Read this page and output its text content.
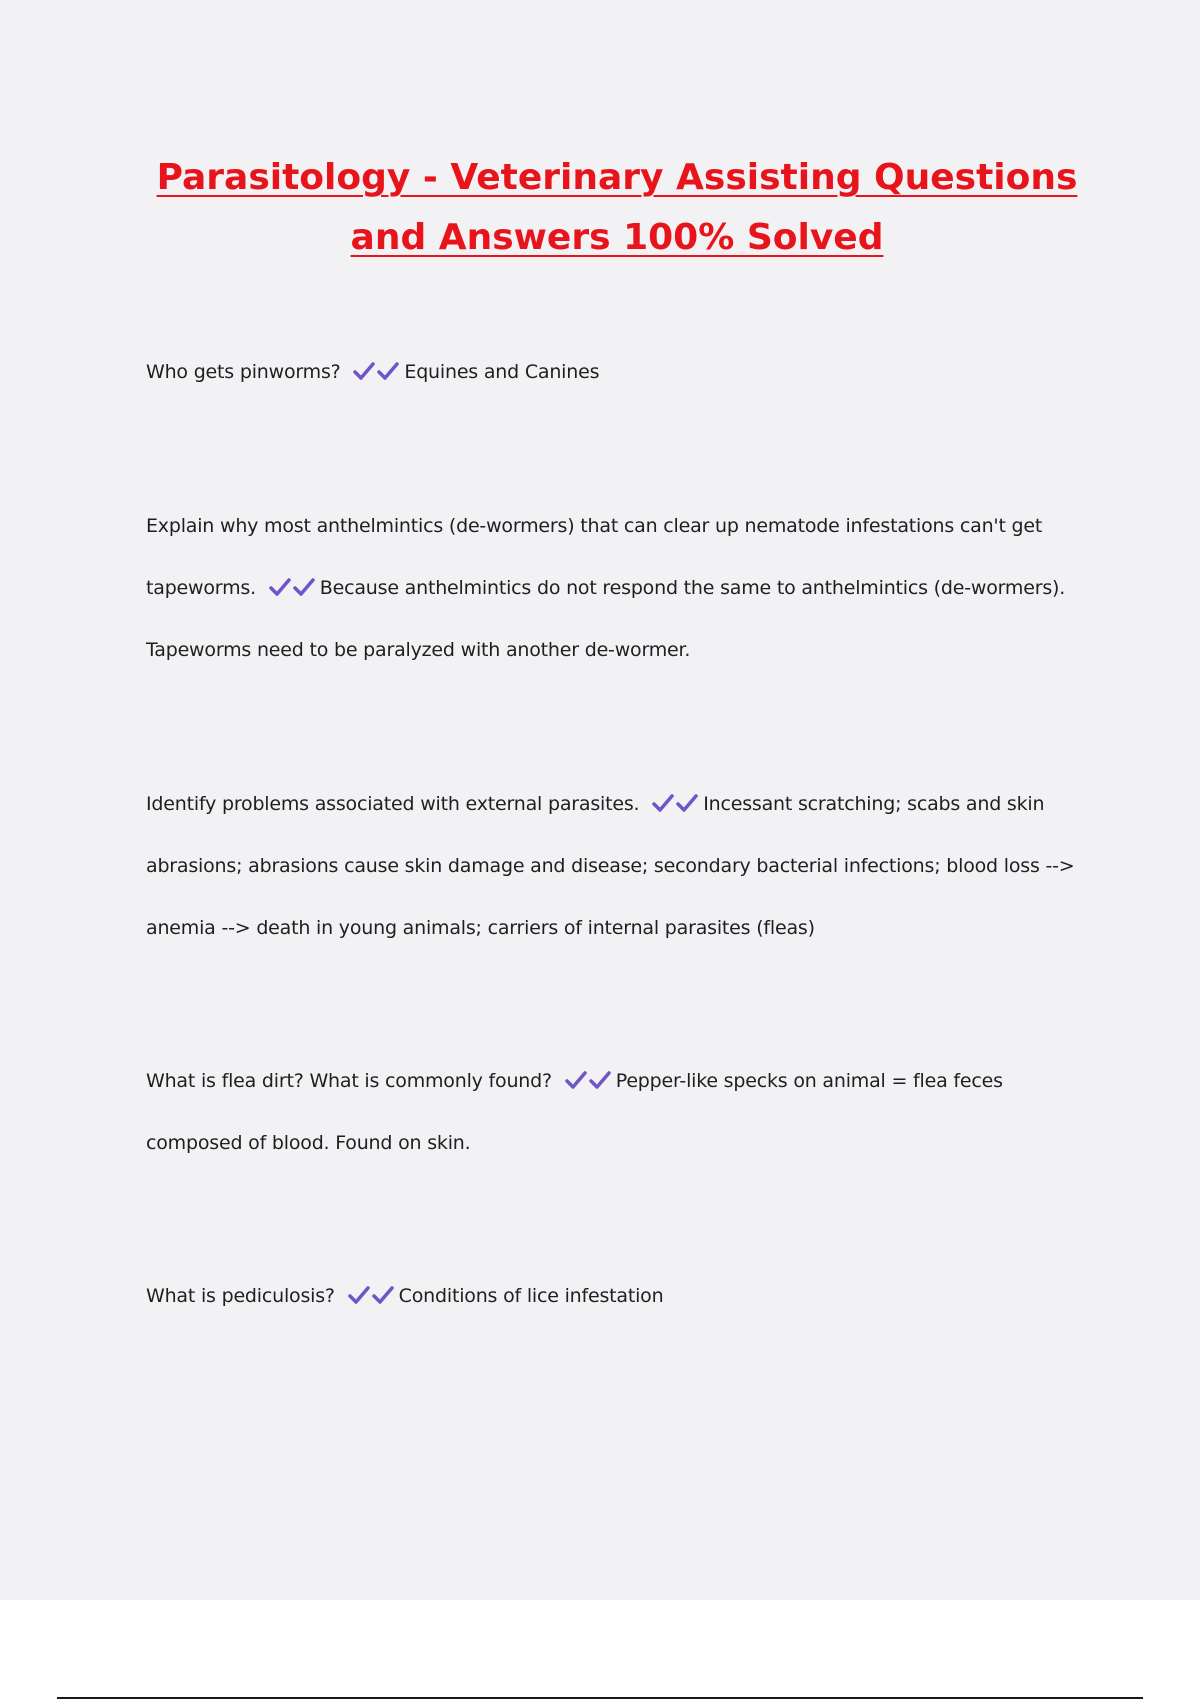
Parasitology - Veterinary Assisting Questions and Answers 100% Solved

Who gets pinworms?	Equines and Canines

Explain why most anthelmintics (de-wormers) that can clear up nematode infestations can't get tapeworms.	Because anthelmintics do not respond the same to anthelmintics (de-wormers). Tapeworms need to be paralyzed with another de-wormer.

Identify problems associated with external parasites.	Incessant scratching; scabs and skin abrasions; abrasions cause skin damage and disease; secondary bacterial infections; blood loss --> anemia --> death in young animals; carriers of internal parasites (fleas)

What is flea dirt? What is commonly found?	Pepper-like specks on animal = flea feces composed of blood. Found on skin.

What is pediculosis?	Conditions of lice infestation
